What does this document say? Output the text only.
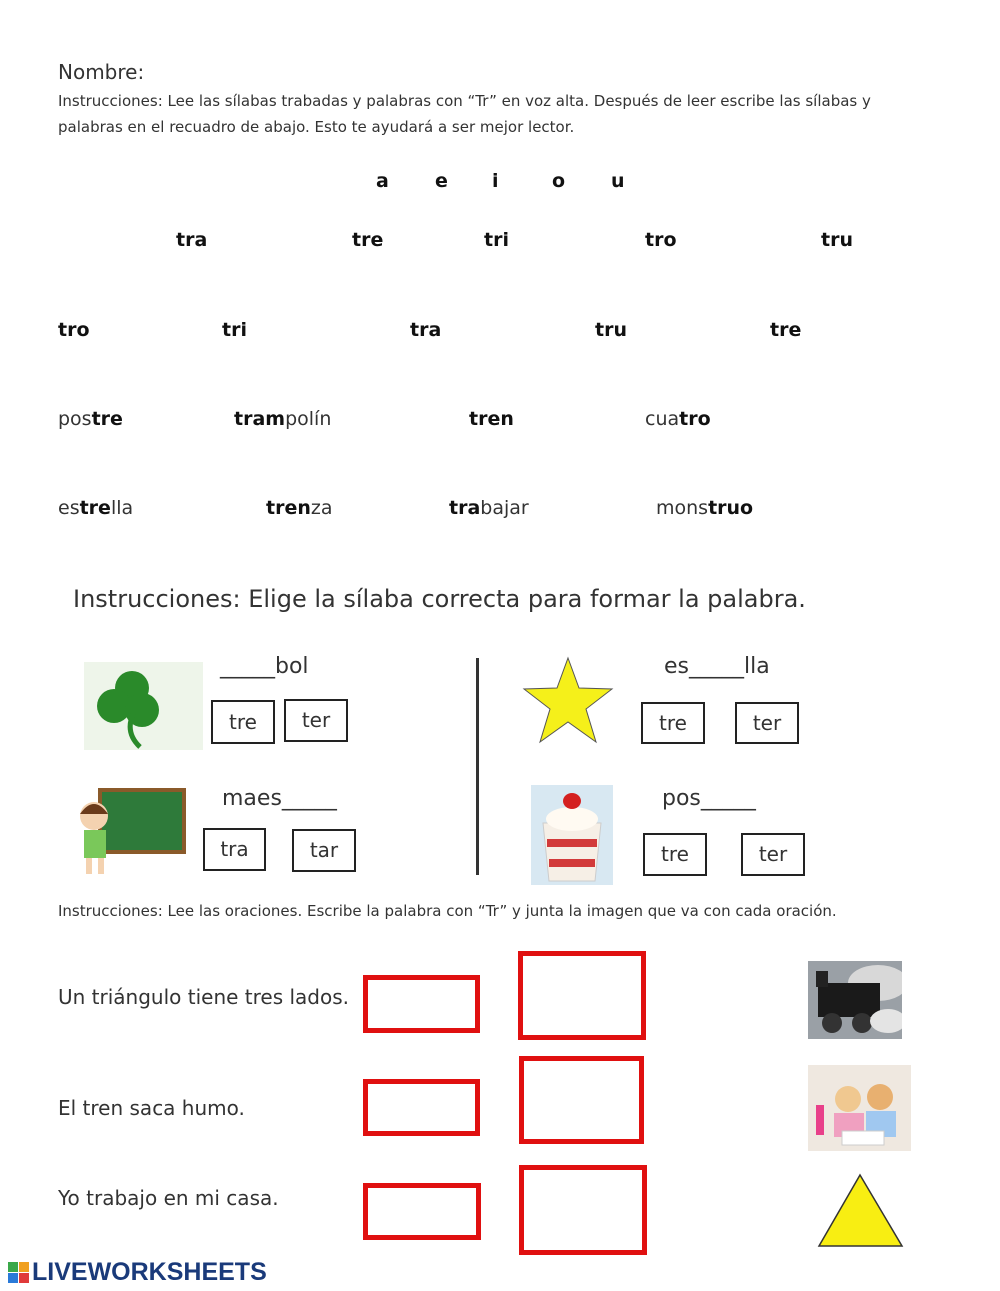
Nombre:
Instrucciones: Lee las sílabas trabadas y palabras con “Tr” en voz alta. Después de leer escribe las sílabas y
palabras en el recuadro de abajo. Esto te ayudará a ser mejor lector.
a e i	o u
tra	tre	tri	tro	tru
tro	tri	tra	tru	tre
postre	trampolín	tren	cuatro
estrella	trenza	trabajar	monstruo
Instrucciones: Elige la sílaba correcta para formar la palabra.
_____bol
tre	ter
es_____lla
tre	ter
maes_____
tra	tar
pos_____
tre	ter
Instrucciones: Lee las oraciones. Escribe la palabra con “Tr” y junta la imagen que va con cada oración.
Un triángulo tiene tres lados.
El tren saca humo.
Yo trabajo en mi casa.
LIVEWORKSHEETS
